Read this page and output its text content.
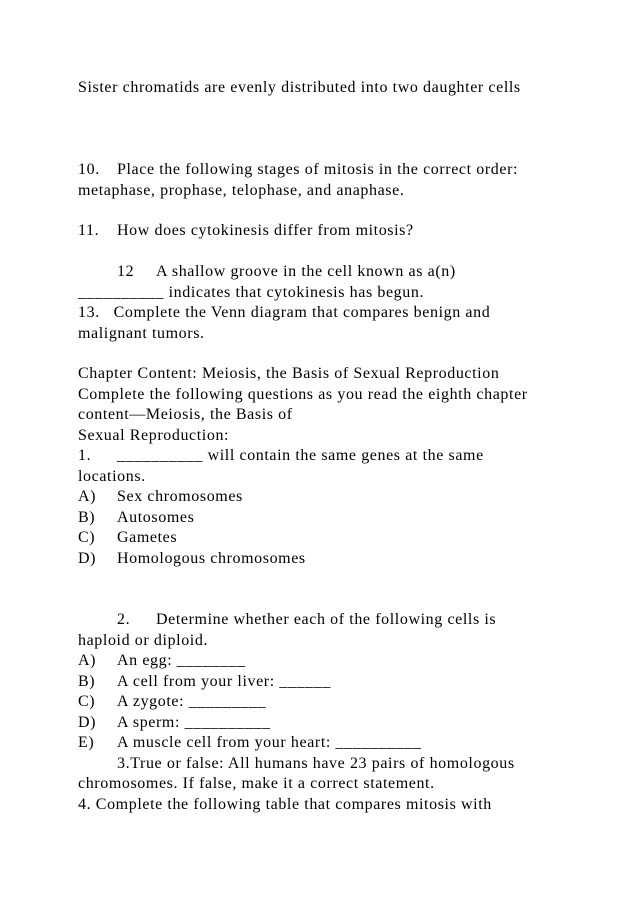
Sister chromatids are evenly distributed into two daughter cells
10. Place the following stages of mitosis in the correct order:
metaphase, prophase, telophase, and anaphase.
11. How does cytokinesis differ from mitosis?
12 A shallow groove in the cell known as a(n)
__________ indicates that cytokinesis has begun.
13.   Complete the Venn diagram that compares benign and
malignant tumors.
Chapter Content: Meiosis, the Basis of Sexual Reproduction
Complete the following questions as you read the eighth chapter
content—Meiosis, the Basis of
Sexual Reproduction:
1. __________ will contain the same genes at the same
locations.
A) Sex chromosomes
B) Autosomes
C) Gametes
D) Homologous chromosomes
2. Determine whether each of the following cells is
haploid or diploid.
A) An egg: ________
B) A cell from your liver: ______
C) A zygote: _________
D) A sperm: __________
E) A muscle cell from your heart: __________
3.True or false: All humans have 23 pairs of homologous
chromosomes. If false, make it a correct statement.
4. Complete the following table that compares mitosis with
